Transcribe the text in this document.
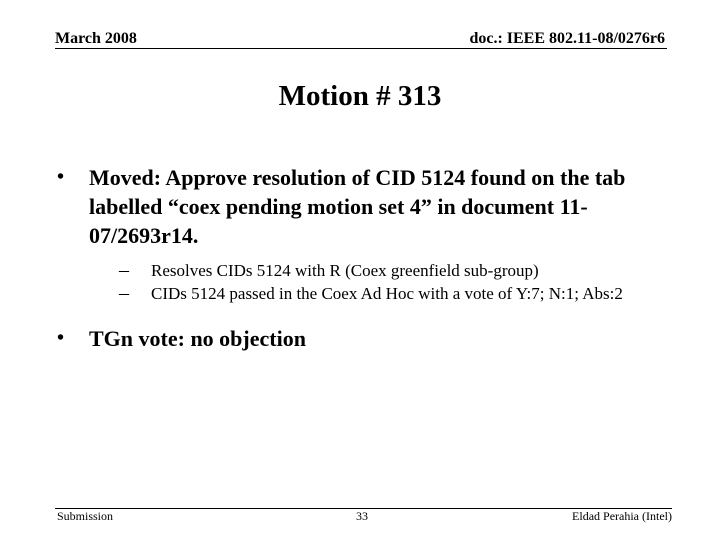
March 2008	doc.: IEEE 802.11-08/0276r6
Motion # 313
• Moved: Approve resolution of CID 5124 found on the tab labelled “coex pending motion set 4” in document 11-07/2693r14.
– Resolves CIDs 5124 with R (Coex greenfield sub-group)
– CIDs 5124 passed in the Coex Ad Hoc with a vote of Y:7; N:1; Abs:2
• TGn vote: no objection
Submission	33	Eldad Perahia (Intel)
